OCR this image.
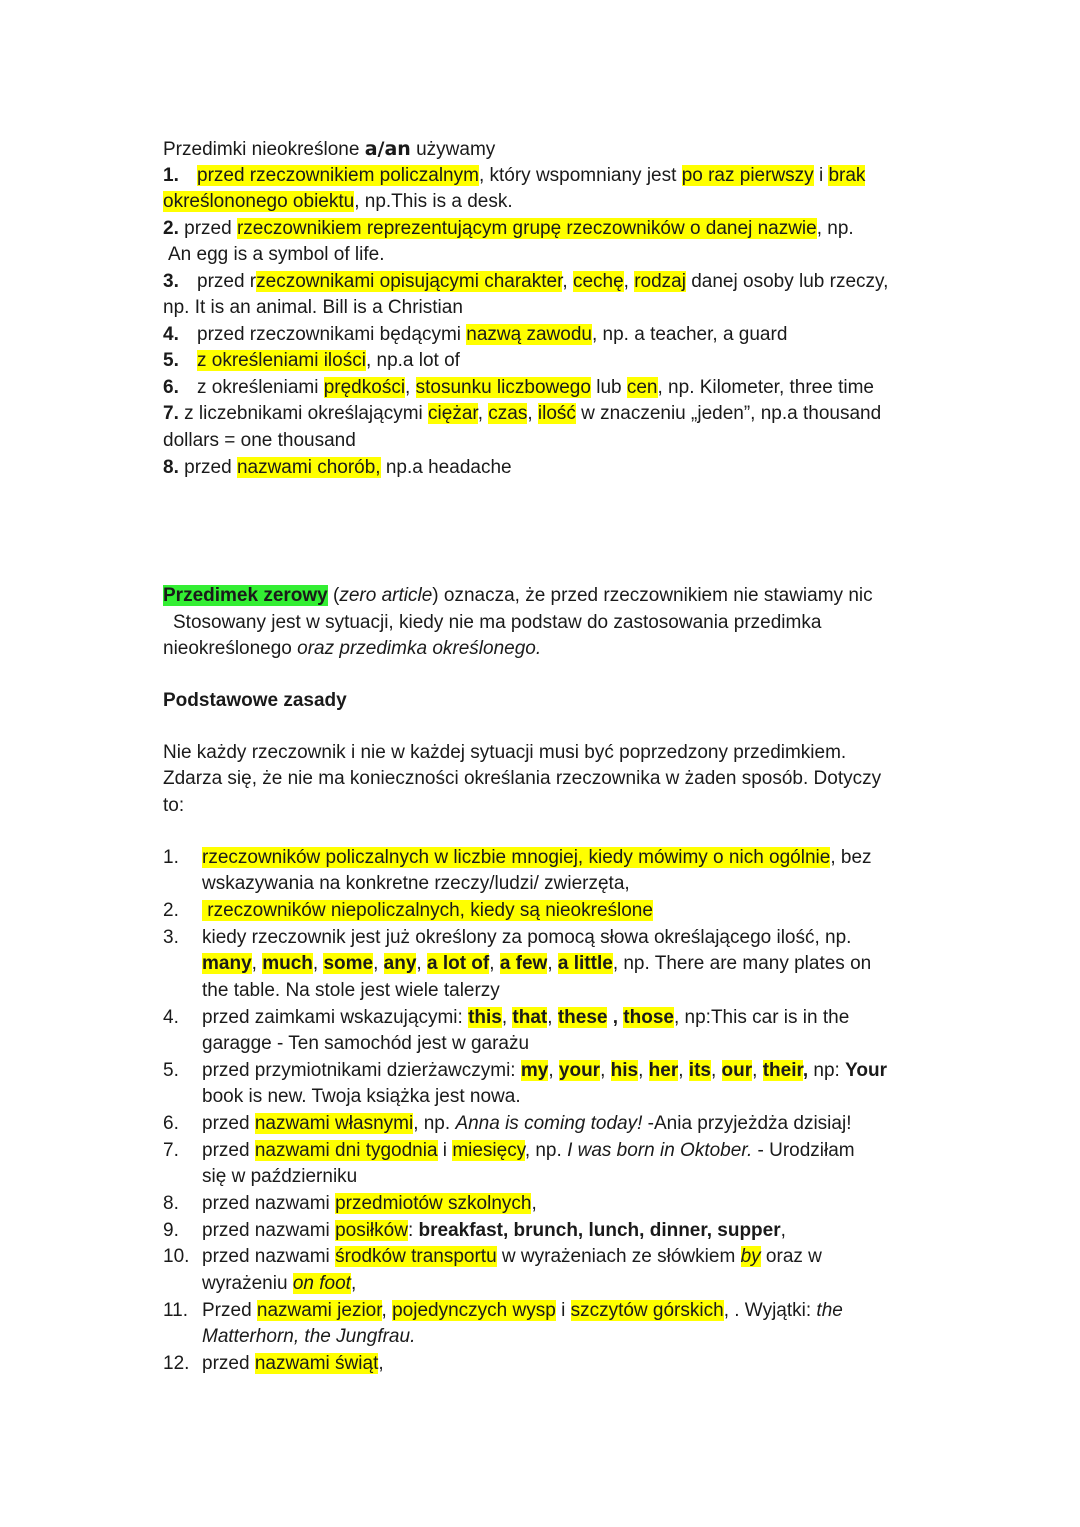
Przedimki nieokreślone a/an używamy
1. przed rzeczownikiem policzalnym, który wspomniany jest po raz pierwszy i brak
określononego obiektu, np.This is a desk.
2. przed rzeczownikiem reprezentującym grupę rzeczowników o danej nazwie, np.
An egg is a symbol of life.
3. przed rzeczownikami opisującymi charakter, cechę, rodzaj danej osoby lub rzeczy,
np. It is an animal. Bill is a Christian
4. przed rzeczownikami będącymi nazwą zawodu, np. a teacher, a guard
5. z określeniami ilości, np.a lot of
6. z określeniami prędkości, stosunku liczbowego lub cen, np. Kilometer, three time
7. z liczebnikami określającymi ciężar, czas, ilość w znaczeniu „jeden”, np.a thousand
dollars = one thousand
8. przed nazwami chorób, np.a headache
Przedimek zerowy (zero article) oznacza, że przed rzeczownikiem nie stawiamy nic
Stosowany jest w sytuacji, kiedy nie ma podstaw do zastosowania przedimka
nieokreślonego oraz przedimka określonego.
Podstawowe zasady
Nie każdy rzeczownik i nie w każdej sytuacji musi być poprzedzony przedimkiem.
Zdarza się, że nie ma konieczności określania rzeczownika w żaden sposób. Dotyczy
to:
1. rzeczowników policzalnych w liczbie mnogiej, kiedy mówimy o nich ogólnie, bez
wskazywania na konkretne rzeczy/ludzi/ zwierzęta,
2. rzeczowników niepoliczalnych, kiedy są nieokreślone
3. kiedy rzeczownik jest już określony za pomocą słowa określającego ilość, np.
many, much, some, any, a lot of, a few, a little, np. There are many plates on
the table. Na stole jest wiele talerzy
4. przed zaimkami wskazującymi: this, that, these , those, np:This car is in the
garagge - Ten samochód jest w garażu
5. przed przymiotnikami dzierżawczymi: my, your, his, her, its, our, their, np: Your
book is new. Twoja książka jest nowa.
6. przed nazwami własnymi, np. Anna is coming today! -Ania przyjeżdża dzisiaj!
7. przed nazwami dni tygodnia i miesięcy, np. I was born in Oktober. - Urodziłam
się w październiku
8. przed nazwami przedmiotów szkolnych,
9. przed nazwami posiłków: breakfast, brunch, lunch, dinner, supper,
10. przed nazwami środków transportu w wyrażeniach ze słówkiem by oraz w
wyrażeniu on foot,
11. Przed nazwami jezior, pojedynczych wysp i szczytów górskich, . Wyjątki: the
Matterhorn, the Jungfrau.
12. przed nazwami świąt,
